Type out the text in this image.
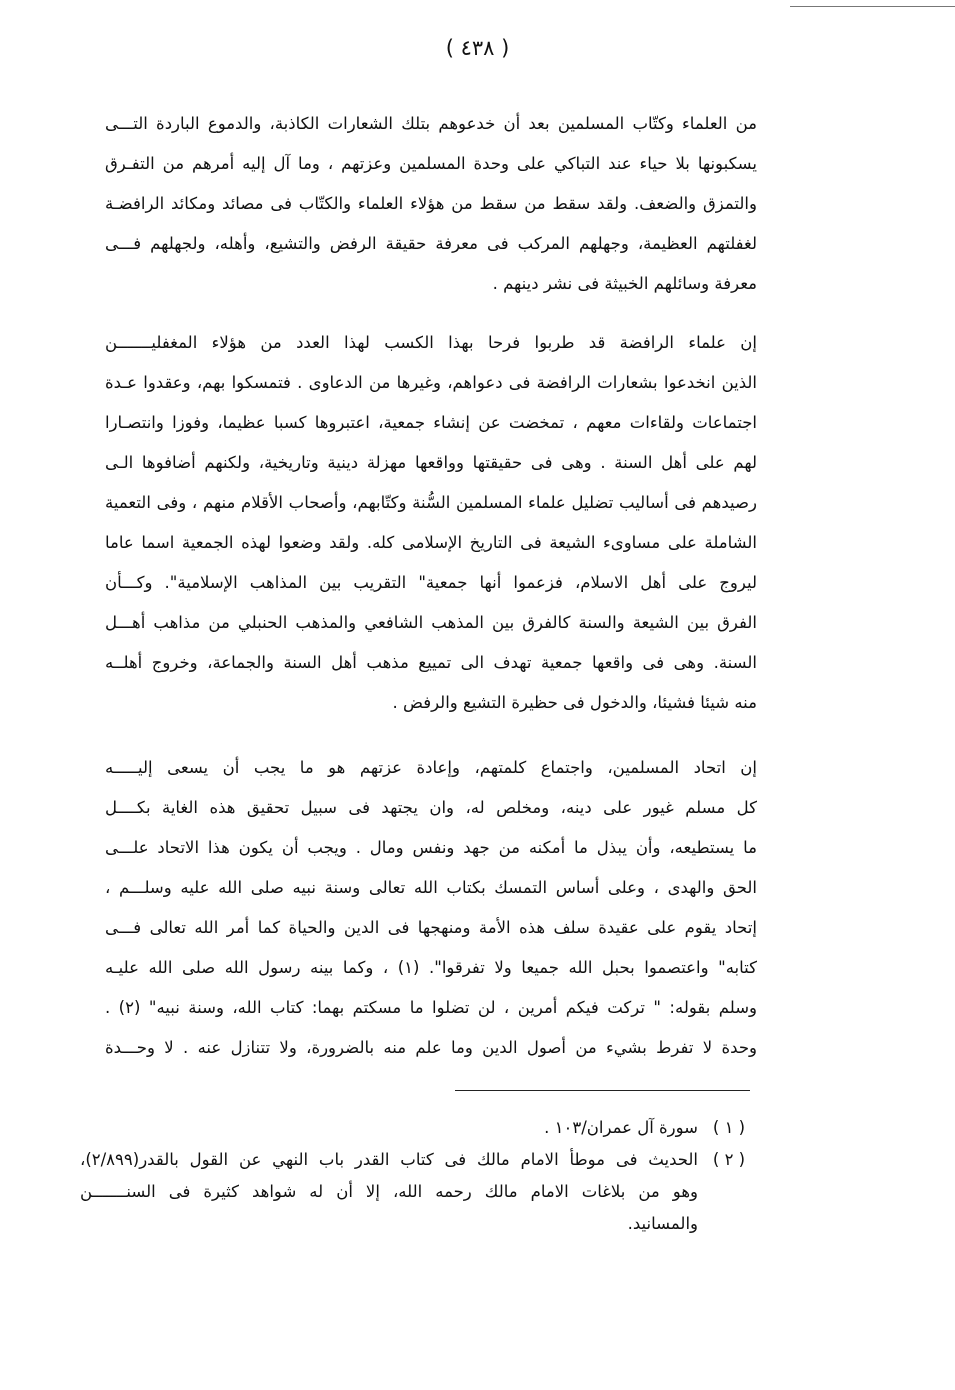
( ٤٣٨ )
من العلماء وكتّاب المسلمين بعد أن خدعوهم بتلك الشعارات الكاذبة، والدموع الباردة التـــى
يسكبونها بلا حياء عند التباكي على وحدة المسلمين وعزتهم ، وما آل إليه أمرهم من التفـرق
والتمزق والضعف. ولقد سقط من سقط من هؤلاء العلماء والكتّاب فى مصائد ومكائد الرافضـة
لغفلتهم العظيمة، وجهلهم المركب فى معرفة حقيقة الرفض والتشيع، وأهله، ولجهلهم فـــى
معرفة وسائلهم الخبيثة فى نشر دينهم .
إن علماء الرافضة قد طربوا فرحا بهذا الكسب لهذا العدد من هؤلاء المغفليـــــــن
الذين انخدعوا بشعارات الرافضة فى دعواهم، وغيرها من الدعاوى . فتمسكوا بهم، وعقدوا عـدة
اجتماعات ولقاءات معهم ، تمخضت عن إنشاء جمعية، اعتبروها كسبا عظيما، وفوزا وانتصـارا
لهم على أهل السنة . وهى فى حقيقتها وواقعها مهزلة دينية وتاريخية، ولكنهم أضافوها الـى
رصيدهم فى أساليب تضليل علماء المسلمين السُّنة وكتّابهم، وأصحاب الأقلام منهم ، وفى التعمية
الشاملة على مساوىء الشيعة فى التاريخ الإسلامى كله. ولقد وضعوا لهذه الجمعية اسما عاما
ليروج على أهل الاسلام، فزعموا أنها جمعية" التقريب بين المذاهب الإسلامية". وكـــأن
الفرق بين الشيعة والسنة كالفرق بين المذهب الشافعي والمذهب الحنبلي من مذاهب أهـــل
السنة. وهى فى واقعها جمعية تهدف الى تمييع مذهب أهل السنة والجماعة، وخروج أهلــه
منه شيئا فشيئا، والدخول فى حظيرة التشيع والرفض .
إن اتحاد المسلمين، واجتماع كلمتهم، وإعادة عزتهم هو ما يجب أن يسعى إليـــــه
كل مسلم غيور على دينه، ومخلص له، وان يجتهد فى سبيل تحقيق هذه الغاية بكــــل
ما يستطيعه، وأن يبذل ما أمكنه من جهد ونفس ومال . ويجب أن يكون هذا الاتحاد علـــى
الحق والهدى ، وعلى أساس التمسك بكتاب الله تعالى وسنة نبيه صلى الله عليه وسلـــم ،
إتحاد يقوم على عقيدة سلف هذه الأمة ومنهجها فى الدين والحياة كما أمر الله تعالى فـــى
كتابه" واعتصموا بحبل الله جميعا ولا تفرقوا". (١) ، وكما بينه رسول الله صلى الله عليـه
وسلم بقوله: " تركت فيكم أمرين ، لن تضلوا ما مسكتم بهما: كتاب الله، وسنة نبيه" (٢) .
وحدة لا تفرط بشيء من أصول الدين وما علم منه بالضرورة، ولا تتنازل عنه . لا وحـــدة
( ١ )
سورة آل عمران/١٠٣ .
( ٢ )
الحديث فى موطأ الامام مالك فى كتاب القدر باب النهي عن القول بالقدر(٢/٨٩٩)،
وهو من بلاغات الامام مالك رحمه الله، إلا أن له شواهد كثيرة فى السنـــــــن
والمسانيد.
